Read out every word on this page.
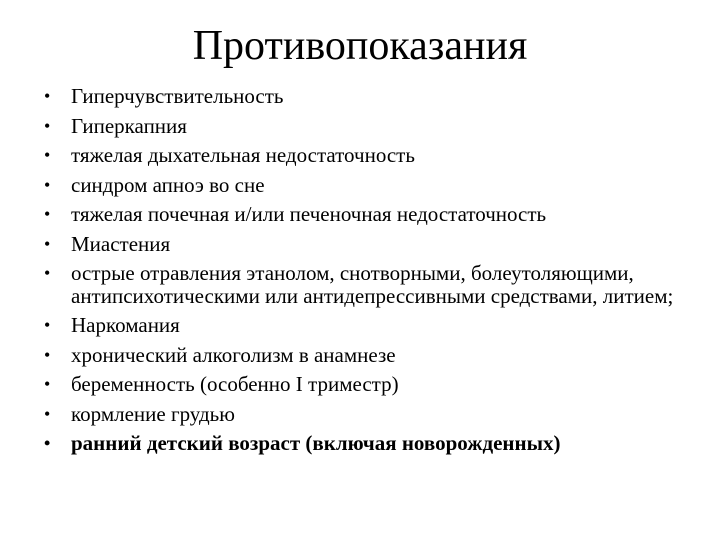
Противопоказания
• Гиперчувствительность
• Гиперкапния
• тяжелая дыхательная недостаточность
• синдром апноэ во сне
• тяжелая почечная и/или печеночная недостаточность
• Миастения
• острые отравления этанолом, снотворными, болеутоляющими, антипсихотическими или антидепрессивными средствами, литием;
• Наркомания
• хронический алкоголизм в анамнезе
• беременность (особенно I триместр)
• кормление грудью
• ранний детский возраст (включая новорожденных)
